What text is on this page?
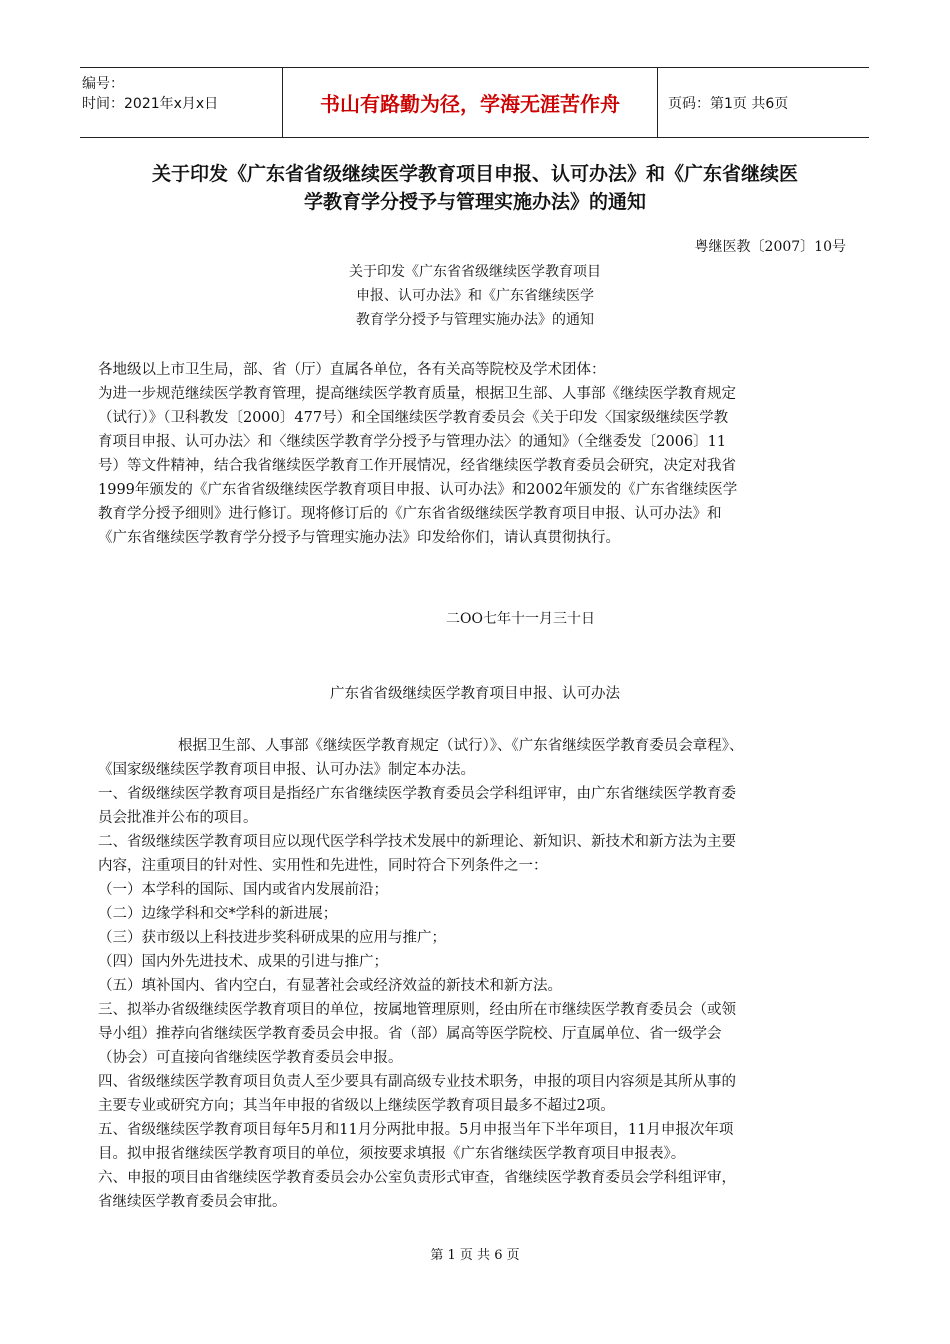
编号：
时间：2021年x月x日	书山有路勤为径，学海无涯苦作舟	页码：第1页 共6页
关于印发《广东省省级继续医学教育项目申报、认可办法》和《广东省继续医
学教育学分授予与管理实施办法》的通知
粤继医教〔2007〕10号
关于印发《广东省省级继续医学教育项目
申报、认可办法》和《广东省继续医学
教育学分授予与管理实施办法》的通知

各地级以上市卫生局，部、省（厅）直属各单位，各有关高等院校及学术团体：

为进一步规范继续医学教育管理，提高继续医学教育质量，根据卫生部、人事部《继续医学教育规定

（试行）》（卫科教发〔2000〕477号）和全国继续医学教育委员会《关于印发〈国家级继续医学教

育项目申报、认可办法〉和〈继续医学教育学分授予与管理办法〉的通知》（全继委发〔2006〕11

号）等文件精神，结合我省继续医学教育工作开展情况，经省继续医学教育委员会研究，决定对我省

1999年颁发的《广东省省级继续医学教育项目申报、认可办法》和2002年颁发的《广东省继续医学

教育学分授予细则》进行修订。现将修订后的《广东省省级继续医学教育项目申报、认可办法》和

《广东省继续医学教育学分授予与管理实施办法》印发给你们，请认真贯彻执行。

二OO七年十一月三十日
广东省省级继续医学教育项目申报、认可办法

根据卫生部、人事部《继续医学教育规定（试行）》、《广东省继续医学教育委员会章程》、

《国家级继续医学教育项目申报、认可办法》制定本办法。

一、省级继续医学教育项目是指经广东省继续医学教育委员会学科组评审，由广东省继续医学教育委

员会批准并公布的项目。

二、省级继续医学教育项目应以现代医学科学技术发展中的新理论、新知识、新技术和新方法为主要

内容，注重项目的针对性、实用性和先进性，同时符合下列条件之一：

（一）本学科的国际、国内或省内发展前沿；

（二）边缘学科和交*学科的新进展；

（三）获市级以上科技进步奖科研成果的应用与推广；

（四）国内外先进技术、成果的引进与推广；

（五）填补国内、省内空白，有显著社会或经济效益的新技术和新方法。

三、拟举办省级继续医学教育项目的单位，按属地管理原则，经由所在市继续医学教育委员会（或领

导小组）推荐向省继续医学教育委员会申报。省（部）属高等医学院校、厅直属单位、省一级学会

（协会）可直接向省继续医学教育委员会申报。

四、省级继续医学教育项目负责人至少要具有副高级专业技术职务，申报的项目内容须是其所从事的

主要专业或研究方向；其当年申报的省级以上继续医学教育项目最多不超过2项。

五、省级继续医学教育项目每年5月和11月分两批申报。5月申报当年下半年项目，11月申报次年项

目。拟申报省继续医学教育项目的单位，须按要求填报《广东省继续医学教育项目申报表》。

六、申报的项目由省继续医学教育委员会办公室负责形式审查，省继续医学教育委员会学科组评审，

省继续医学教育委员会审批。

第 1 页 共 6 页
